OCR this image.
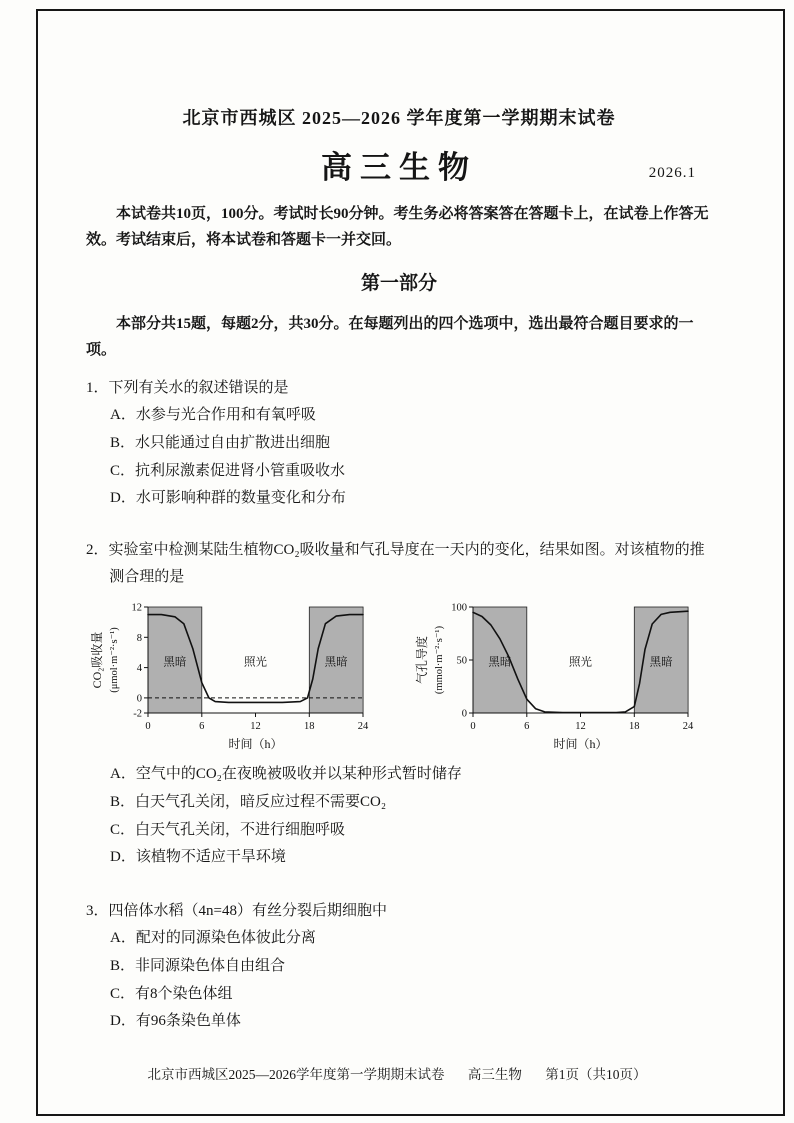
北京市西城区 2025—2026 学年度第一学期期末试卷
高三生物	2026.1

本试卷共10页，100分。考试时长90分钟。考生务必将答案答在答题卡上，在试卷上作答无效。考试结束后，将本试卷和答题卡一并交回。

第一部分

本部分共15题，每题2分，共30分。在每题列出的四个选项中，选出最符合题目要求的一项。

1．下列有关水的叙述错误的是
A．水参与光合作用和有氧呼吸
B．水只能通过自由扩散进出细胞
C．抗利尿激素促进肾小管重吸收水
D．水可影响种群的数量变化和分布
2．实验室中检测某陆生植物CO₂吸收量和气孔导度在一天内的变化，结果如图。对该植物的推测合理的是
黑暗	黑暗
照光
12
8
4
0
-2
0	6	12	18	24
时间（h）
CO₂吸收量 (μmol·m⁻²·s⁻¹)	黑暗	黑暗
照光
100
50
0
0	6	12	18	24
时间（h）
气孔导度 (mmol·m⁻²·s⁻¹)
A．空气中的CO₂在夜晚被吸收并以某种形式暂时储存
B．白天气孔关闭，暗反应过程不需要CO₂
C．白天气孔关闭，不进行细胞呼吸
D．该植物不适应干旱环境
3．四倍体水稻（4n=48）有丝分裂后期细胞中
A．配对的同源染色体彼此分离
B．非同源染色体自由组合
C．有8个染色体组
D．有96条染色单体
北京市西城区2025—2026学年度第一学期期末试卷 高三生物 第1页（共10页）
